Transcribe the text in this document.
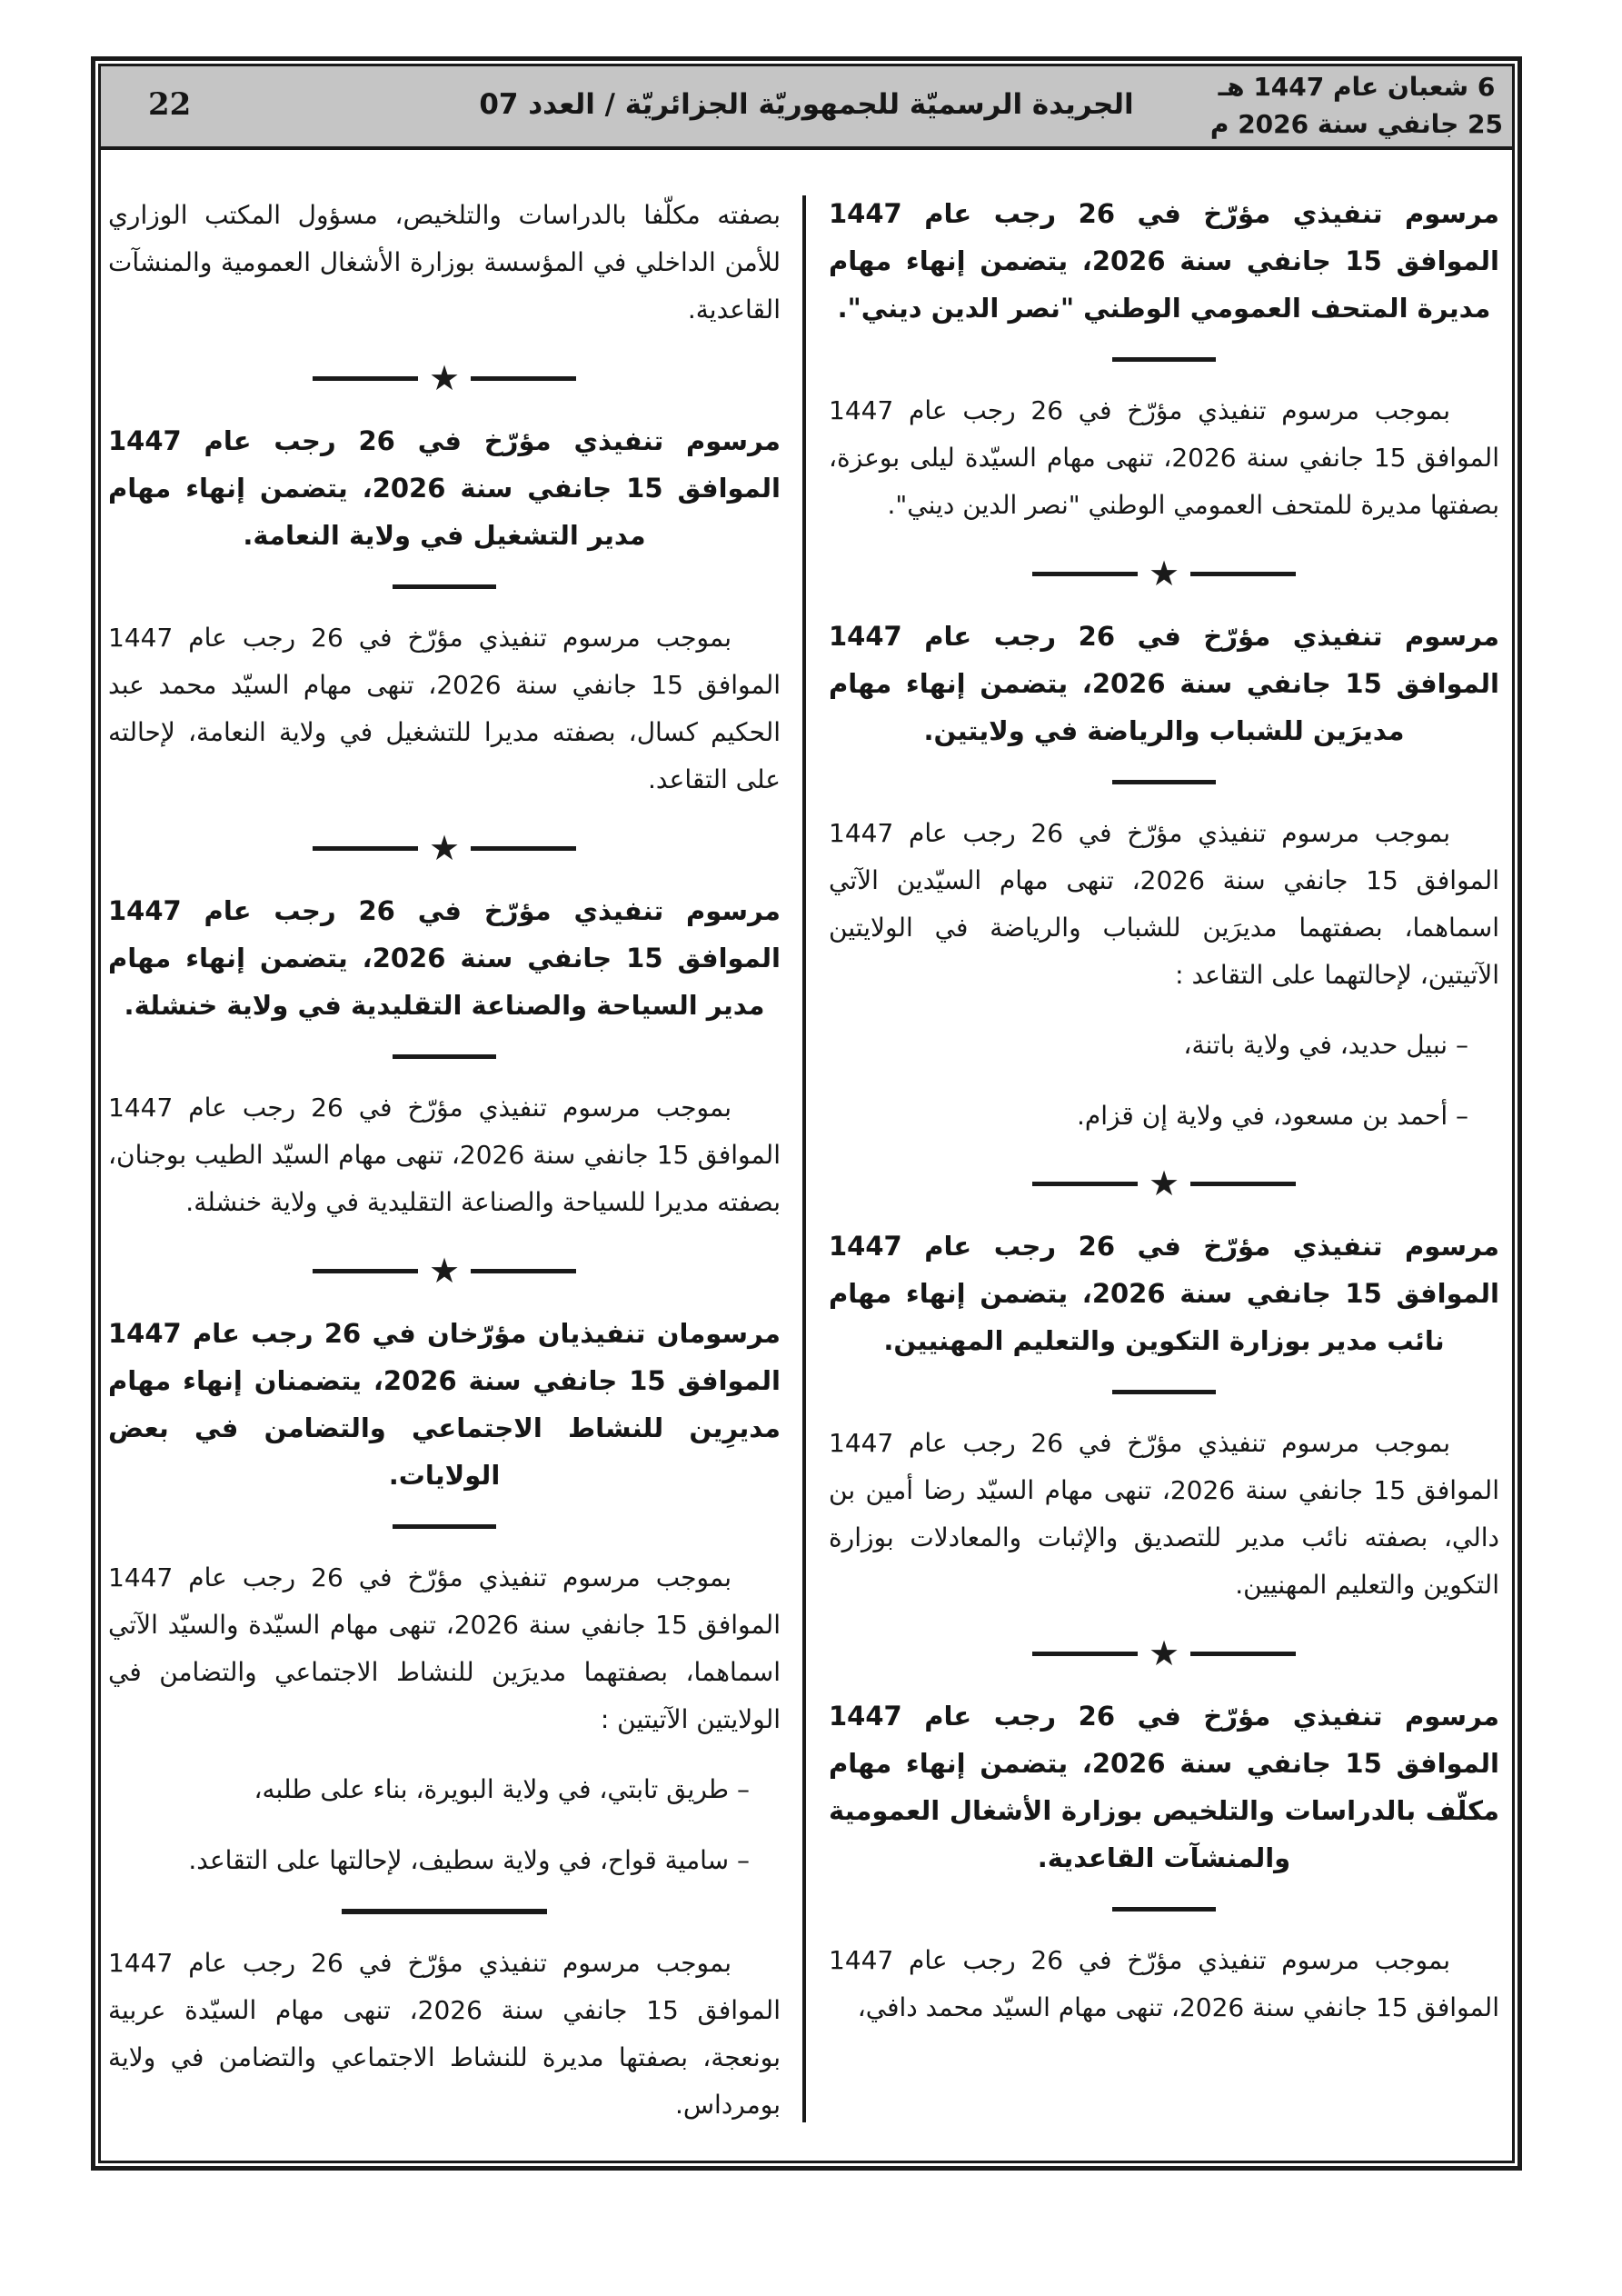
6 شعبان عام 1447 هـ
25 جانفي سنة 2026 م
الجريدة الرسميّة للجمهوريّة الجزائريّة / العدد 07
22

مرسوم تنفيذي مؤرّخ في 26 رجب عام 1447 الموافق 15 جانفي سنة 2026، يتضمن إنهاء مهام مديرة المتحف العمومي الوطني "نصر الدين ديني".

بموجب مرسوم تنفيذي مؤرّخ في 26 رجب عام 1447 الموافق 15 جانفي سنة 2026، تنهى مهام السيّدة ليلى بوعزة، بصفتها مديرة للمتحف العمومي الوطني "نصر الدين ديني".

★

مرسوم تنفيذي مؤرّخ في 26 رجب عام 1447 الموافق 15 جانفي سنة 2026، يتضمن إنهاء مهام مديرَين للشباب والرياضة في ولايتين.

بموجب مرسوم تنفيذي مؤرّخ في 26 رجب عام 1447 الموافق 15 جانفي سنة 2026، تنهى مهام السيّدين الآتي اسماهما، بصفتهما مديرَين للشباب والرياضة في الولايتين الآتيتين، لإحالتهما على التقاعد :

– نبيل حديد، في ولاية باتنة،

– أحمد بن مسعود، في ولاية إن قزام.

★

مرسوم تنفيذي مؤرّخ في 26 رجب عام 1447 الموافق 15 جانفي سنة 2026، يتضمن إنهاء مهام نائب مدير بوزارة التكوين والتعليم المهنيين.

بموجب مرسوم تنفيذي مؤرّخ في 26 رجب عام 1447 الموافق 15 جانفي سنة 2026، تنهى مهام السيّد رضا أمين بن دالي، بصفته نائب مدير للتصديق والإثبات والمعادلات بوزارة التكوين والتعليم المهنيين.

★

مرسوم تنفيذي مؤرّخ في 26 رجب عام 1447 الموافق 15 جانفي سنة 2026، يتضمن إنهاء مهام مكلّف بالدراسات والتلخيص بوزارة الأشغال العمومية والمنشآت القاعدية.

بموجب مرسوم تنفيذي مؤرّخ في 26 رجب عام 1447 الموافق 15 جانفي سنة 2026، تنهى مهام السيّد محمد دافي،

بصفته مكلّفا بالدراسات والتلخيص، مسؤول المكتب الوزاري للأمن الداخلي في المؤسسة بوزارة الأشغال العمومية والمنشآت القاعدية.

★

مرسوم تنفيذي مؤرّخ في 26 رجب عام 1447 الموافق 15 جانفي سنة 2026، يتضمن إنهاء مهام مدير التشغيل في ولاية النعامة.

بموجب مرسوم تنفيذي مؤرّخ في 26 رجب عام 1447 الموافق 15 جانفي سنة 2026، تنهى مهام السيّد محمد عبد الحكيم كسال، بصفته مديرا للتشغيل في ولاية النعامة، لإحالته على التقاعد.

★

مرسوم تنفيذي مؤرّخ في 26 رجب عام 1447 الموافق 15 جانفي سنة 2026، يتضمن إنهاء مهام مدير السياحة والصناعة التقليدية في ولاية خنشلة.

بموجب مرسوم تنفيذي مؤرّخ في 26 رجب عام 1447 الموافق 15 جانفي سنة 2026، تنهى مهام السيّد الطيب بوجنان، بصفته مديرا للسياحة والصناعة التقليدية في ولاية خنشلة.

★

مرسومان تنفيذيان مؤرّخان في 26 رجب عام 1447 الموافق 15 جانفي سنة 2026، يتضمنان إنهاء مهام مديرِين للنشاط الاجتماعي والتضامن في بعض الولايات.

بموجب مرسوم تنفيذي مؤرّخ في 26 رجب عام 1447 الموافق 15 جانفي سنة 2026، تنهى مهام السيّدة والسيّد الآتي اسماهما، بصفتهما مديرَين للنشاط الاجتماعي والتضامن في الولايتين الآتيتين :

– طريق تابتي، في ولاية البويرة، بناء على طلبه،

– سامية قواح، في ولاية سطيف، لإحالتها على التقاعد.

بموجب مرسوم تنفيذي مؤرّخ في 26 رجب عام 1447 الموافق 15 جانفي سنة 2026، تنهى مهام السيّدة عربية بونعجة، بصفتها مديرة للنشاط الاجتماعي والتضامن في ولاية بومرداس.
